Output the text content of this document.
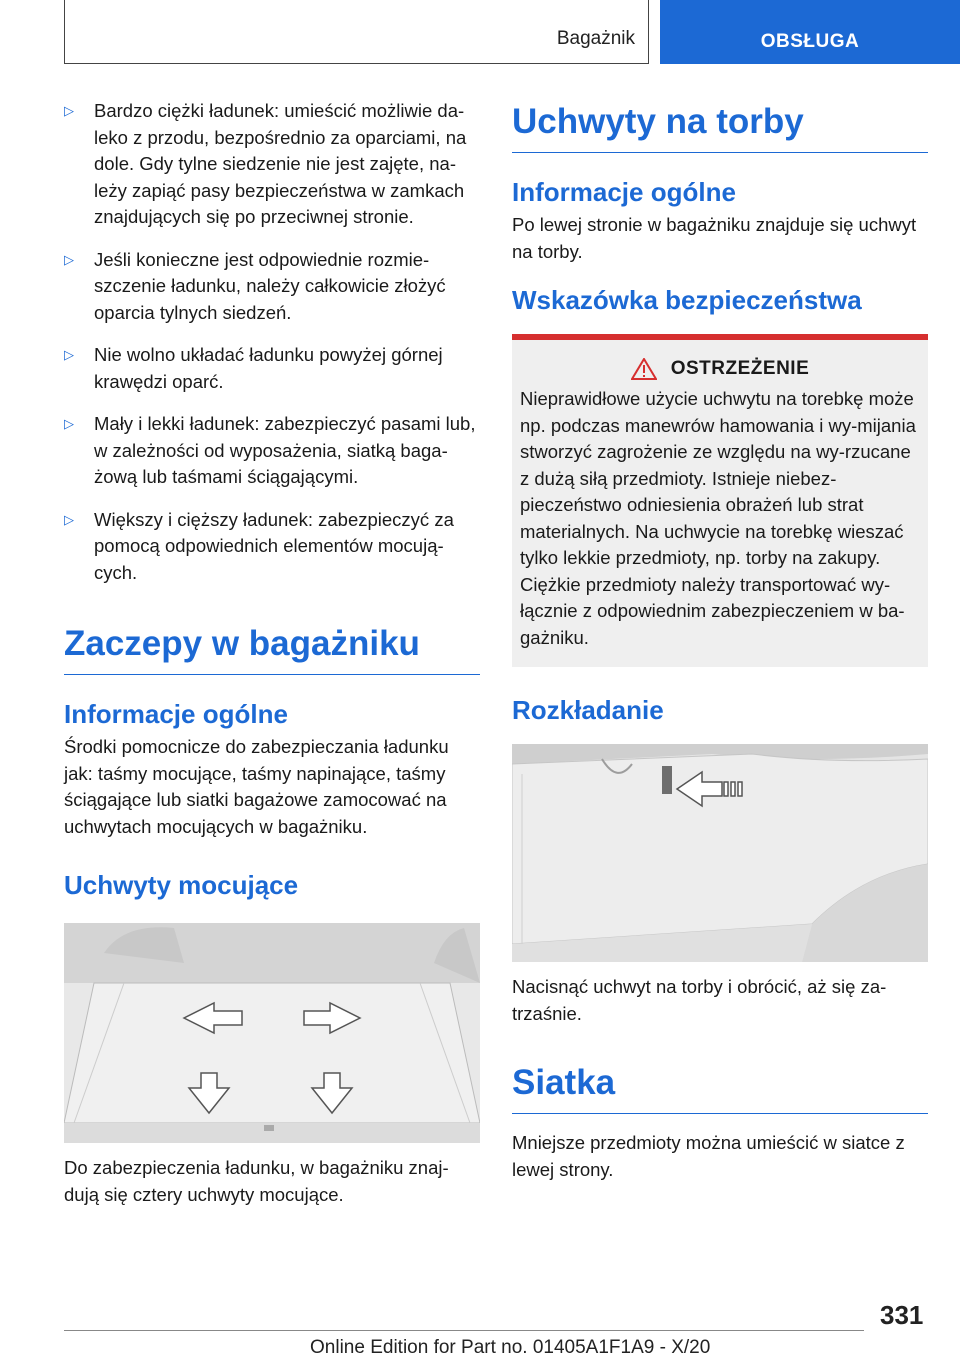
Bagażnik	OBSŁUGA
▷	Bardzo ciężki ładunek: umieścić możliwie da-leko z przodu, bezpośrednio za oparciami, na dole. Gdy tylne siedzenie nie jest zajęte, na-leży zapiąć pasy bezpieczeństwa w zamkach znajdujących się po przeciwnej stronie.
▷	Jeśli konieczne jest odpowiednie rozmie-szczenie ładunku, należy całkowicie złożyć oparcia tylnych siedzeń.
▷	Nie wolno układać ładunku powyżej górnej krawędzi oparć.
▷	Mały i lekki ładunek: zabezpieczyć pasami lub, w zależności od wyposażenia, siatką baga-żową lub taśmami ściągającymi.
▷	Większy i cięższy ładunek: zabezpieczyć za pomocą odpowiednich elementów mocują-cych.
Zaczepy w bagażniku
Informacje ogólne

Środki pomocnicze do zabezpieczania ładunku jak: taśmy mocujące, taśmy napinające, taśmy ściągające lub siatki bagażowe zamocować na uchwytach mocujących w bagażniku.

Uchwyty mocujące

Do zabezpieczenia ładunku, w bagażniku znaj-dują się cztery uchwyty mocujące.

Uchwyty na torby
Informacje ogólne

Po lewej stronie w bagażniku znajduje się uchwyt na torby.

Wskazówka bezpieczeństwa
OSTRZEŻENIE

Nieprawidłowe użycie uchwytu na torebkę może np. podczas manewrów hamowania i wy-mijania stworzyć zagrożenie ze względu na wy-rzucane z dużą siłą przedmioty. Istnieje niebez-pieczeństwo odniesienia obrażeń lub strat materialnych. Na uchwycie na torebkę wieszać tylko lekkie przedmioty, np. torby na zakupy. Ciężkie przedmioty należy transportować wy-łącznie z odpowiednim zabezpieczeniem w ba-gażniku.

Rozkładanie

Nacisnąć uchwyt na torby i obrócić, aż się za-trzaśnie.

Siatka

Mniejsze przedmioty można umieścić w siatce z lewej strony.

331
Online Edition for Part no. 01405A1F1A9 - X/20
